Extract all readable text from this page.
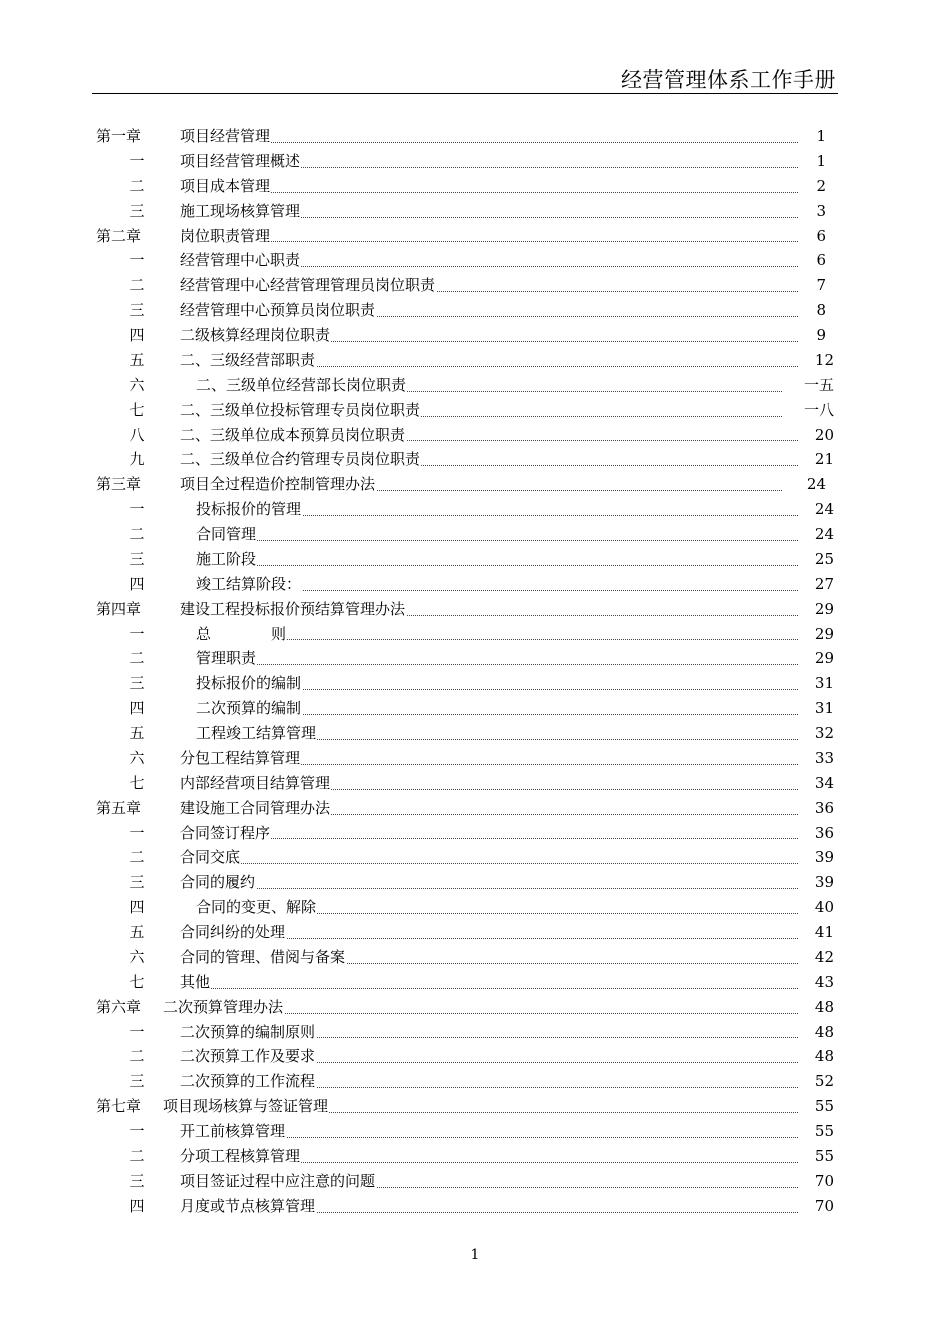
经营管理体系工作手册
第一章	项目经营管理	1
一 项目经营管理概述	1
二 项目成本管理	2
三 施工现场核算管理	3
第二章	岗位职责管理	6
一 经营管理中心职责	6
二 经营管理中心经营管理管理员岗位职责	7
三 经营管理中心预算员岗位职责	8
四 二级核算经理岗位职责	9
五 二、三级经营部职责	12
六	二、三级单位经营部长岗位职责	一五
七 二、三级单位投标管理专员岗位职责	一八
八 二、三级单位成本预算员岗位职责	20
九 二、三级单位合约管理专员岗位职责	21
第三章	项目全过程造价控制管理办法	24
一	投标报价的管理	24
二	合同管理	24
三	施工阶段	25
四	竣工结算阶段：	27
第四章	建设工程投标报价预结算管理办法	29
一	总　　　　则	29
二	管理职责	29
三	投标报价的编制	31
四	二次预算的编制	31
五	工程竣工结算管理	32
六 分包工程结算管理	33
七 内部经营项目结算管理	34
第五章	建设施工合同管理办法	36
一 合同签订程序	36
二 合同交底	39
三 合同的履约	39
四	合同的变更、解除	40
五 合同纠纷的处理	41
六 合同的管理、借阅与备案	42
七 其他	43
第六章 二次预算管理办法	48
一 二次预算的编制原则	48
二 二次预算工作及要求	48
三 二次预算的工作流程	52
第七章 项目现场核算与签证管理	55
一 开工前核算管理	55
二 分项工程核算管理	55
三 项目签证过程中应注意的问题	70
四 月度或节点核算管理	70
1
